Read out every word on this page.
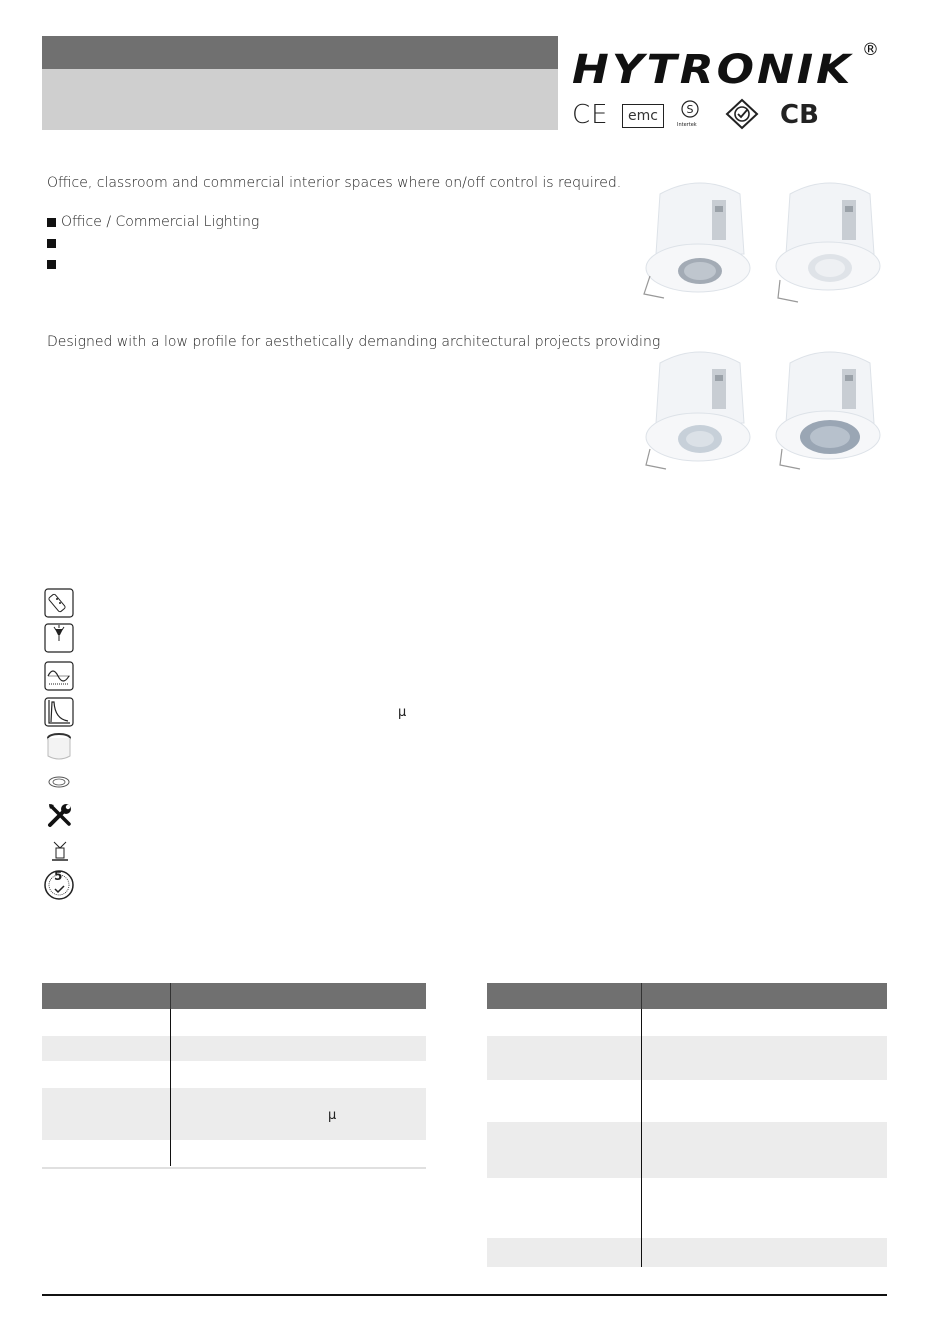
HYTRONIK ®
CE	emc	S
Intertek	CB
Office, classroom and commercial interior spaces where on/off control is required.
Office / Commercial Lighting
Designed with a low profile for aesthetically demanding architectural projects providing
μ
5
μ
